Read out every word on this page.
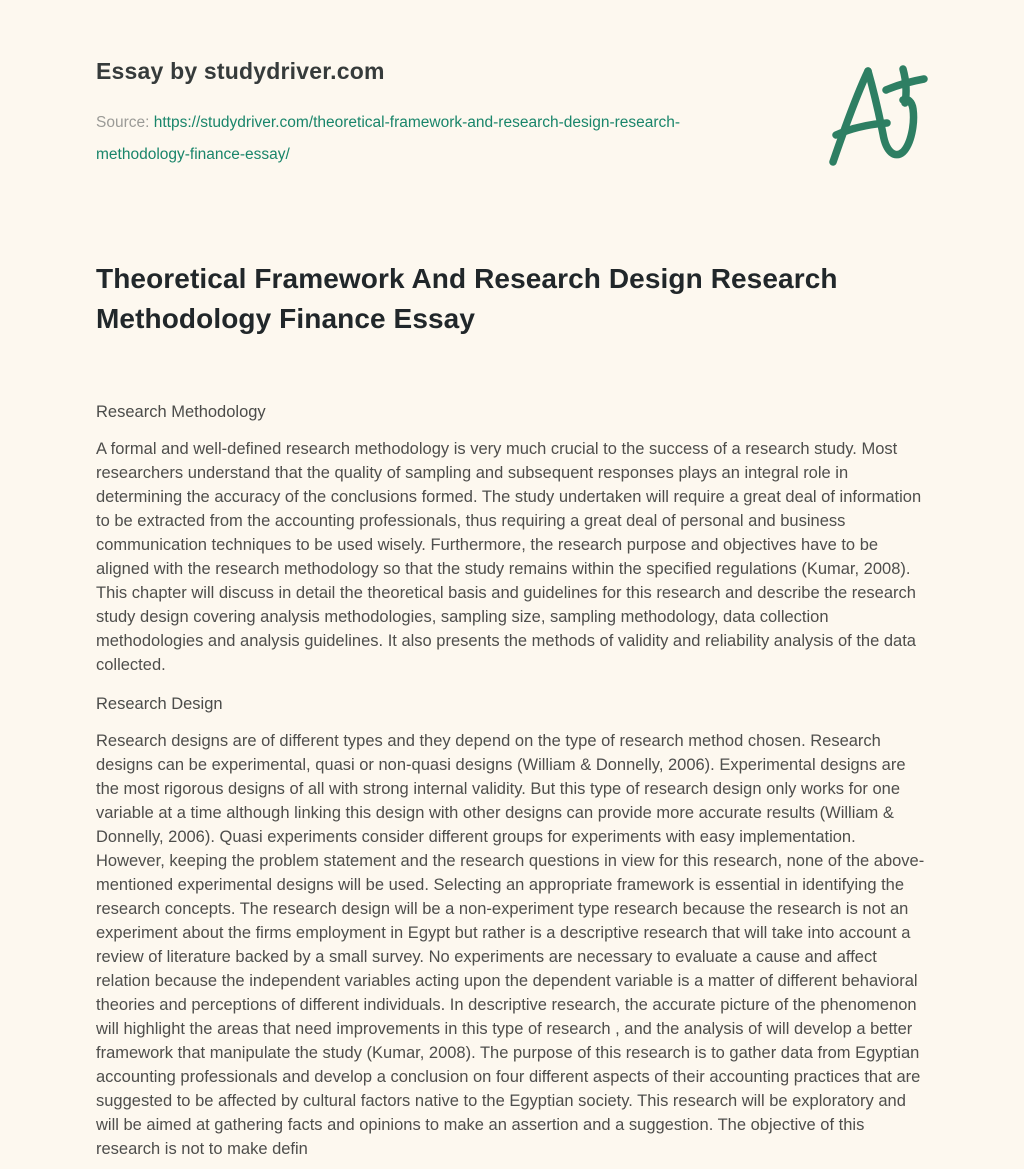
Essay by studydriver.com

Source: https://studydriver.com/theoretical-framework-and-research-design-research-methodology-finance-essay/

Theoretical Framework And Research Design Research Methodology Finance Essay
Research Methodology

A formal and well-defined research methodology is very much crucial to the success of a research study. Most researchers understand that the quality of sampling and subsequent responses plays an integral role in determining the accuracy of the conclusions formed. The study undertaken will require a great deal of information to be extracted from the accounting professionals, thus requiring a great deal of personal and business communication techniques to be used wisely. Furthermore, the research purpose and objectives have to be aligned with the research methodology so that the study remains within the specified regulations (Kumar, 2008). This chapter will discuss in detail the theoretical basis and guidelines for this research and describe the research study design covering analysis methodologies, sampling size, sampling methodology, data collection methodologies and analysis guidelines. It also presents the methods of validity and reliability analysis of the data collected.

Research Design

Research designs are of different types and they depend on the type of research method chosen. Research designs can be experimental, quasi or non-quasi designs (William & Donnelly, 2006). Experimental designs are the most rigorous designs of all with strong internal validity. But this type of research design only works for one variable at a time although linking this design with other designs can provide more accurate results (William & Donnelly, 2006). Quasi experiments consider different groups for experiments with easy implementation. However, keeping the problem statement and the research questions in view for this research, none of the above-mentioned experimental designs will be used. Selecting an appropriate framework is essential in identifying the research concepts. The research design will be a non-experiment type research because the research is not an experiment about the firms employment in Egypt but rather is a descriptive research that will take into account a review of literature backed by a small survey. No experiments are necessary to evaluate a cause and affect relation because the independent variables acting upon the dependent variable is a matter of different behavioral theories and perceptions of different individuals. In descriptive research, the accurate picture of the phenomenon will highlight the areas that need improvements in this type of research , and the analysis of will develop a better framework that manipulate the study (Kumar, 2008). The purpose of this research is to gather data from Egyptian accounting professionals and develop a conclusion on four different aspects of their accounting practices that are suggested to be affected by cultural factors native to the Egyptian society. This research will be exploratory and will be aimed at gathering facts and opinions to make an assertion and a suggestion. The objective of this research is not to make defin
